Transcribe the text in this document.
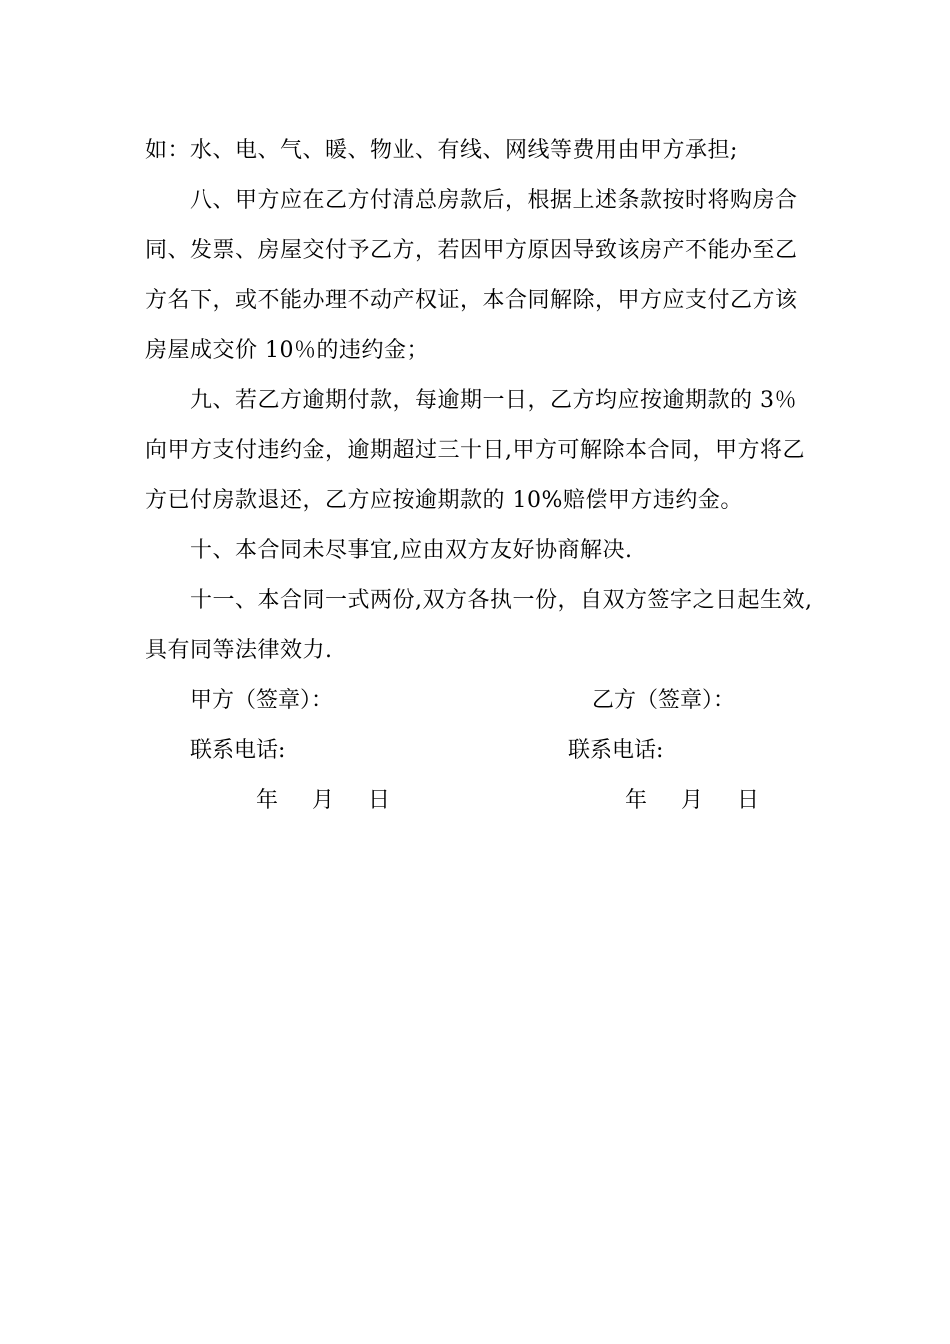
如：水、电、气、暖、物业、有线、网线等费用由甲方承担;
八、甲方应在乙方付清总房款后，根据上述条款按时将购房合
同、发票、房屋交付予乙方，若因甲方原因导致该房产不能办至乙
方名下，或不能办理不动产权证，本合同解除，甲方应支付乙方该
房屋成交价 10％的违约金；
九、若乙方逾期付款，每逾期一日，乙方均应按逾期款的 3％
向甲方支付违约金，逾期超过三十日,甲方可解除本合同，甲方将乙
方已付房款退还，乙方应按逾期款的 10%赔偿甲方违约金。
十、本合同未尽事宜,应由双方友好协商解决.
十一、本合同一式两份,双方各执一份，自双方签字之日起生效,
具有同等法律效力.
甲方（签章）：	乙方（签章）：
联系电话:	联系电话:
年 月 日	年 月 日
